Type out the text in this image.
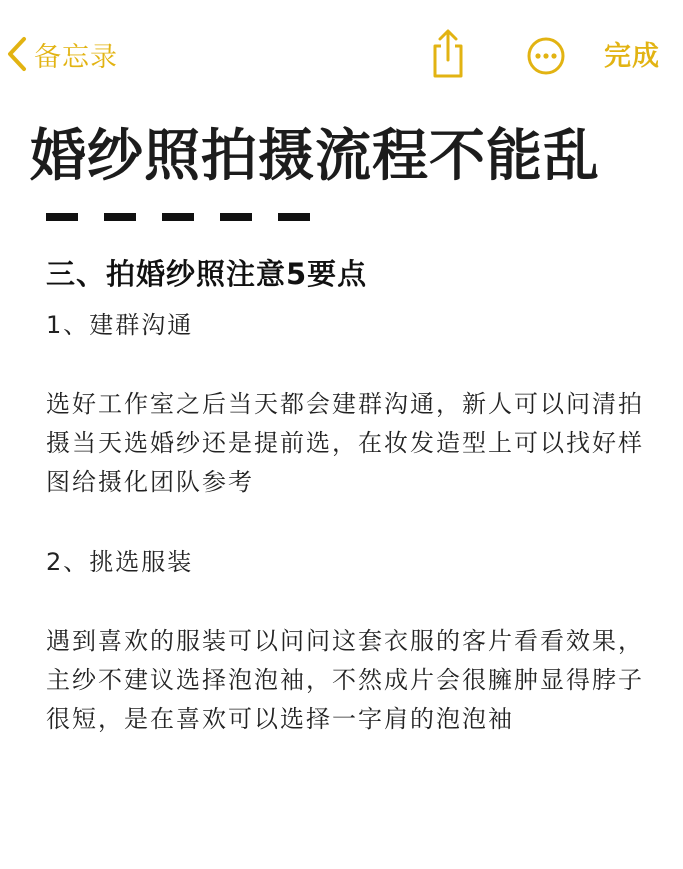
备忘录	完成
婚纱照拍摄流程不能乱
三、拍婚纱照注意5要点
1、建群沟通
选好工作室之后当天都会建群沟通，新人可以问清拍摄当天选婚纱还是提前选，在妆发造型上可以找好样图给摄化团队参考
2、挑选服装
遇到喜欢的服装可以问问这套衣服的客片看看效果，主纱不建议选择泡泡袖，不然成片会很臃肿显得脖子很短，是在喜欢可以选择一字肩的泡泡袖
